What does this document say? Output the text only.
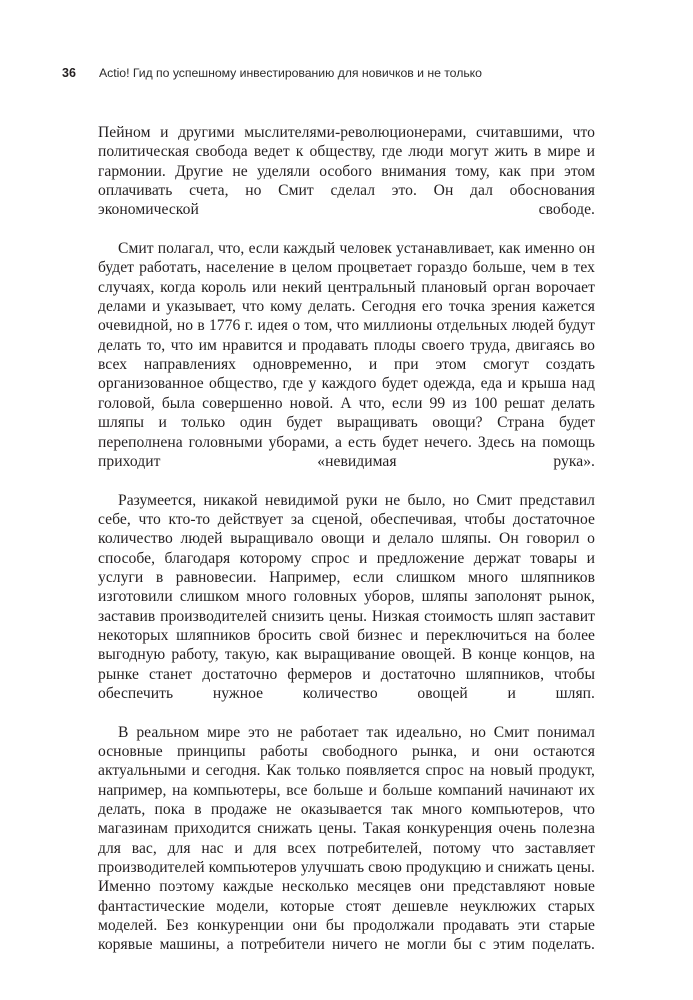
36	Actio! Гид по успешному инвестированию для новичков и не только

Пейном и другими мыслителями-революционерами, считавшими, что политическая свобода ведет к обществу, где люди могут жить в мире и гармонии. Другие не уделяли особого внимания тому, как при этом оплачивать счета, но Смит сделал это. Он дал обоснования экономической свободе.

Смит полагал, что, если каждый человек устанавливает, как именно он будет работать, население в целом процветает гораздо больше, чем в тех случаях, когда король или некий центральный плановый орган ворочает делами и указывает, что кому делать. Сегодня его точка зрения кажется очевидной, но в 1776 г. идея о том, что миллионы отдельных людей будут делать то, что им нравится и продавать плоды своего труда, двигаясь во всех направлениях одновременно, и при этом смогут создать организованное общество, где у каждого будет одежда, еда и крыша над головой, была совершенно новой. А что, если 99 из 100 решат делать шляпы и только один будет выращивать овощи? Страна будет переполнена головными уборами, а есть будет нечего. Здесь на помощь приходит «невидимая рука».

Разумеется, никакой невидимой руки не было, но Смит представил себе, что кто-то действует за сценой, обеспечивая, чтобы достаточное количество людей выращивало овощи и делало шляпы. Он говорил о способе, благодаря которому спрос и предложение держат товары и услуги в равновесии. Например, если слишком много шляпников изготовили слишком много головных уборов, шляпы заполонят рынок, заставив производителей снизить цены. Низкая стоимость шляп заставит некоторых шляпников бросить свой бизнес и переключиться на более выгодную работу, такую, как выращивание овощей. В конце концов, на рынке станет достаточно фермеров и достаточно шляпников, чтобы обеспечить нужное количество овощей и шляп.

В реальном мире это не работает так идеально, но Смит понимал основные принципы работы свободного рынка, и они остаются актуальными и сегодня. Как только появляется спрос на новый продукт, например, на компьютеры, все больше и больше компаний начинают их делать, пока в продаже не оказывается так много компьютеров, что магазинам приходится снижать цены. Такая конкуренция очень полезна для вас, для нас и для всех потребителей, потому что заставляет производителей компьютеров улучшать свою продукцию и снижать цены. Именно поэтому каждые несколько месяцев они представляют новые фантастические модели, которые стоят дешевле неуклюжих старых моделей. Без конкуренции они бы продолжали продавать эти старые корявые машины, а потребители ничего не могли бы с этим поделать.
